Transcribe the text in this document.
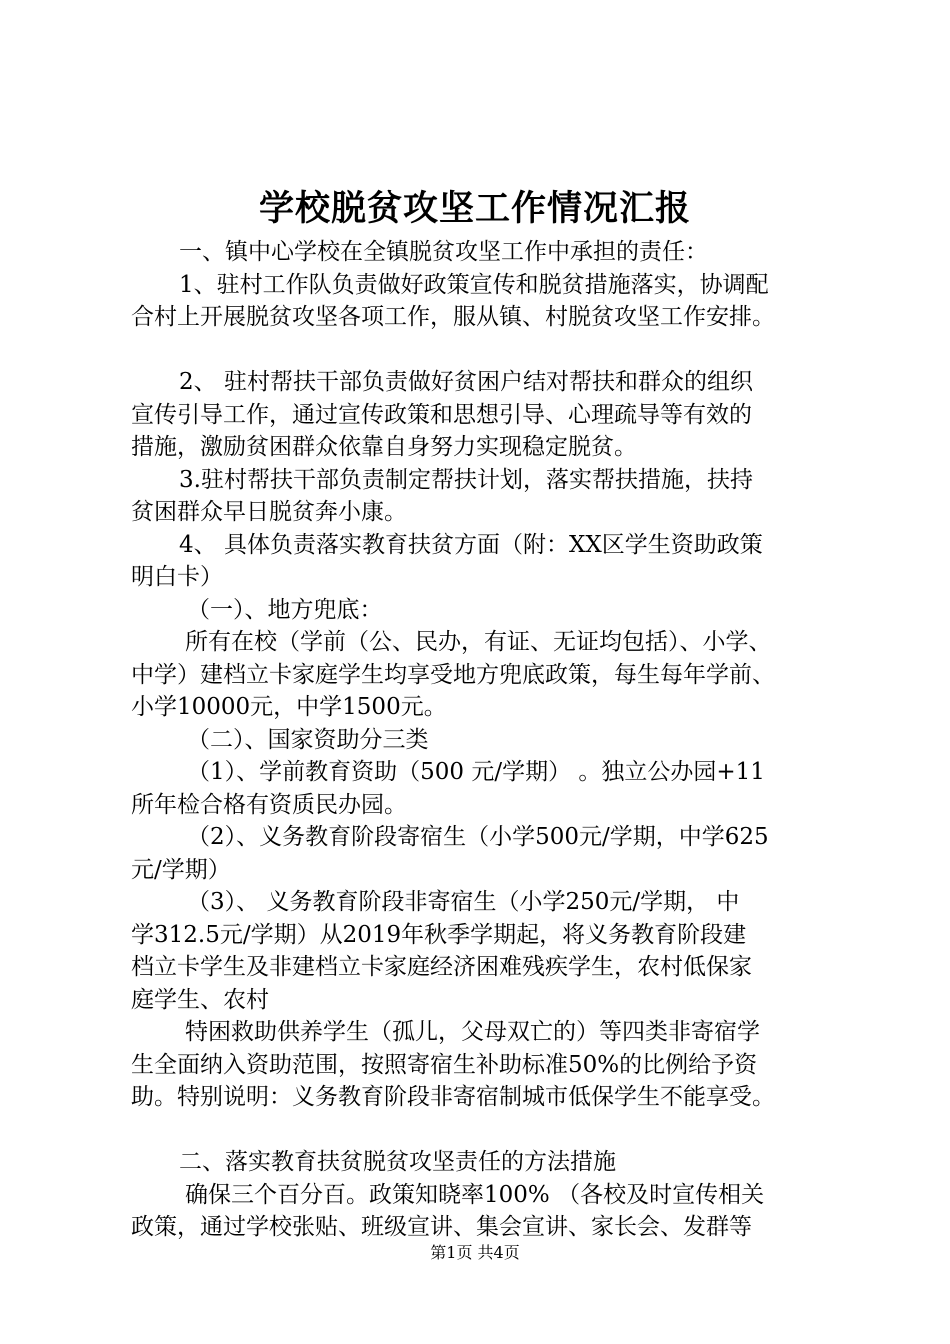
学校脱贫攻坚工作情况汇报
一、镇中心学校在全镇脱贫攻坚工作中承担的责任：
1、驻村工作队负责做好政策宣传和脱贫措施落实，协调配
合村上开展脱贫攻坚各项工作，服从镇、村脱贫攻坚工作安排。
2、 驻村帮扶干部负责做好贫困户结对帮扶和群众的组织
宣传引导工作，通过宣传政策和思想引导、心理疏导等有效的
措施，激励贫困群众依靠自身努力实现稳定脱贫。
3.驻村帮扶干部负责制定帮扶计划，落实帮扶措施，扶持
贫困群众早日脱贫奔小康。
4、 具体负责落实教育扶贫方面（附：XX区学生资助政策
明白卡）
（一）、地方兜底：
所有在校（学前（公、民办，有证、无证均包括）、小学、
中学）建档立卡家庭学生均享受地方兜底政策，每生每年学前、
小学10000元，中学1500元。
（二）、国家资助分三类
（1）、学前教育资助（500 元/学期） 。独立公办园+11
所年检合格有资质民办园。
（2）、义务教育阶段寄宿生（小学500元/学期，中学625
元/学期）
（3）、 义务教育阶段非寄宿生（小学250元/学期， 中
学312.5元/学期）从2019年秋季学期起，将义务教育阶段建
档立卡学生及非建档立卡家庭经济困难残疾学生，农村低保家
庭学生、农村
特困救助供养学生（孤儿，父母双亡的）等四类非寄宿学
生全面纳入资助范围，按照寄宿生补助标准50%的比例给予资
助。特别说明：义务教育阶段非寄宿制城市低保学生不能享受。
二、落实教育扶贫脱贫攻坚责任的方法措施
确保三个百分百。政策知晓率100% （各校及时宣传相关
政策，通过学校张贴、班级宣讲、集会宣讲、家长会、发群等
第1页 共4页
